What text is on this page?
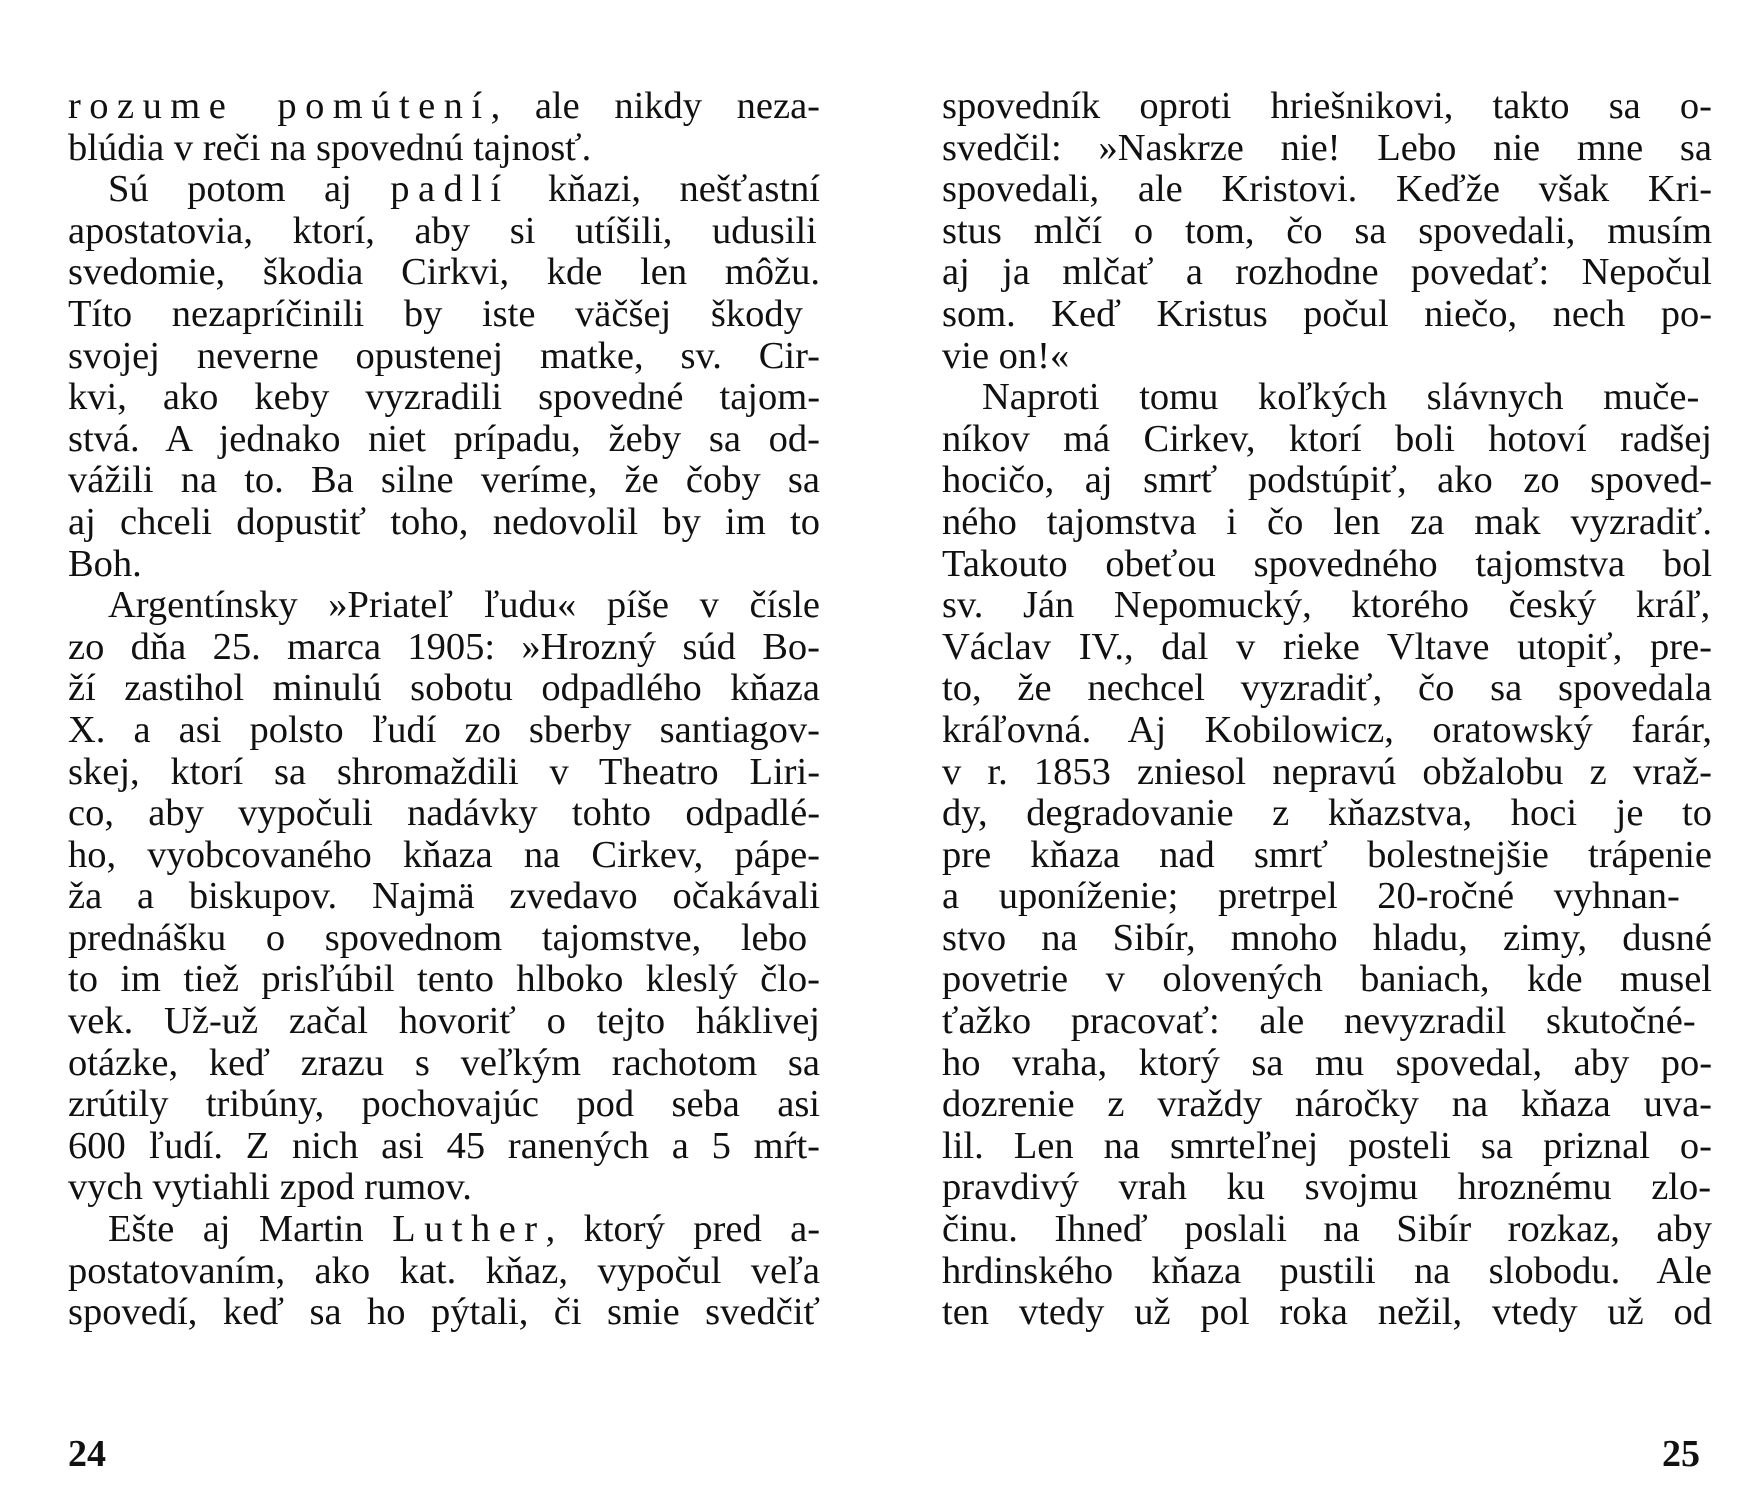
rozume pomútení, ale nikdy neza-
blúdia v reči na spovednú tajnosť.
Sú potom aj padlí kňazi, nešťastní
apostatovia, ktorí, aby si utíšili, udusili
svedomie, škodia Cirkvi, kde len môžu.
Títo nezapríčinili by iste väčšej škody
svojej neverne opustenej matke, sv. Cir-
kvi, ako keby vyzradili spovedné tajom-
stvá. A jednako niet prípadu, žeby sa od-
vážili na to. Ba silne veríme, že čoby sa
aj chceli dopustiť toho, nedovolil by im to
Boh.
Argentínsky »Priateľ ľudu« píše v čísle
zo dňa 25. marca 1905: »Hrozný súd Bo-
ží zastihol minulú sobotu odpadlého kňaza
X. a asi polsto ľudí zo sberby santiagov-
skej, ktorí sa shromaždili v Theatro Liri-
co, aby vypočuli nadávky tohto odpadlé-
ho, vyobcovaného kňaza na Cirkev, pápe-
ža a biskupov. Najmä zvedavo očakávali
prednášku o spovednom tajomstve, lebo
to im tiež prisľúbil tento hlboko kleslý člo-
vek. Už-už začal hovoriť o tejto háklivej
otázke, keď zrazu s veľkým rachotom sa
zrútily tribúny, pochovajúc pod seba asi
600 ľudí. Z nich asi 45 ranených a 5 mŕt-
vych vytiahli zpod rumov.
Ešte aj Martin Luther, ktorý pred a-
postatovaním, ako kat. kňaz, vypočul veľa
spovedí, keď sa ho pýtali, či smie svedčiť
24
spovedník oproti hriešnikovi, takto sa o-
svedčil: »Naskrze nie! Lebo nie mne sa
spovedali, ale Kristovi. Keďže však Kri-
stus mlčí o tom, čo sa spovedali, musím
aj ja mlčať a rozhodne povedať: Nepočul
som. Keď Kristus počul niečo, nech po-
vie on!«
Naproti tomu koľkých slávnych muče-
níkov má Cirkev, ktorí boli hotoví radšej
hocičo, aj smrť podstúpiť, ako zo spoved-
ného tajomstva i čo len za mak vyzradiť.
Takouto obeťou spovedného tajomstva bol
sv. Ján Nepomucký, ktorého český kráľ,
Václav IV., dal v rieke Vltave utopiť, pre-
to, že nechcel vyzradiť, čo sa spovedala
kráľovná. Aj Kobilowicz, oratowský farár,
v r. 1853 zniesol nepravú obžalobu z vraž-
dy, degradovanie z kňazstva, hoci je to
pre kňaza nad smrť bolestnejšie trápenie
a uponíženie; pretrpel 20-ročné vyhnan-
stvo na Sibír, mnoho hladu, zimy, dusné
povetrie v olovených baniach, kde musel
ťažko pracovať: ale nevyzradil skutočné-
ho vraha, ktorý sa mu spovedal, aby po-
dozrenie z vraždy náročky na kňaza uva-
lil. Len na smrteľnej posteli sa priznal o-
pravdivý vrah ku svojmu hroznému zlo-
činu. Ihneď poslali na Sibír rozkaz, aby
hrdinského kňaza pustili na slobodu. Ale
ten vtedy už pol roka nežil, vtedy už od
25
